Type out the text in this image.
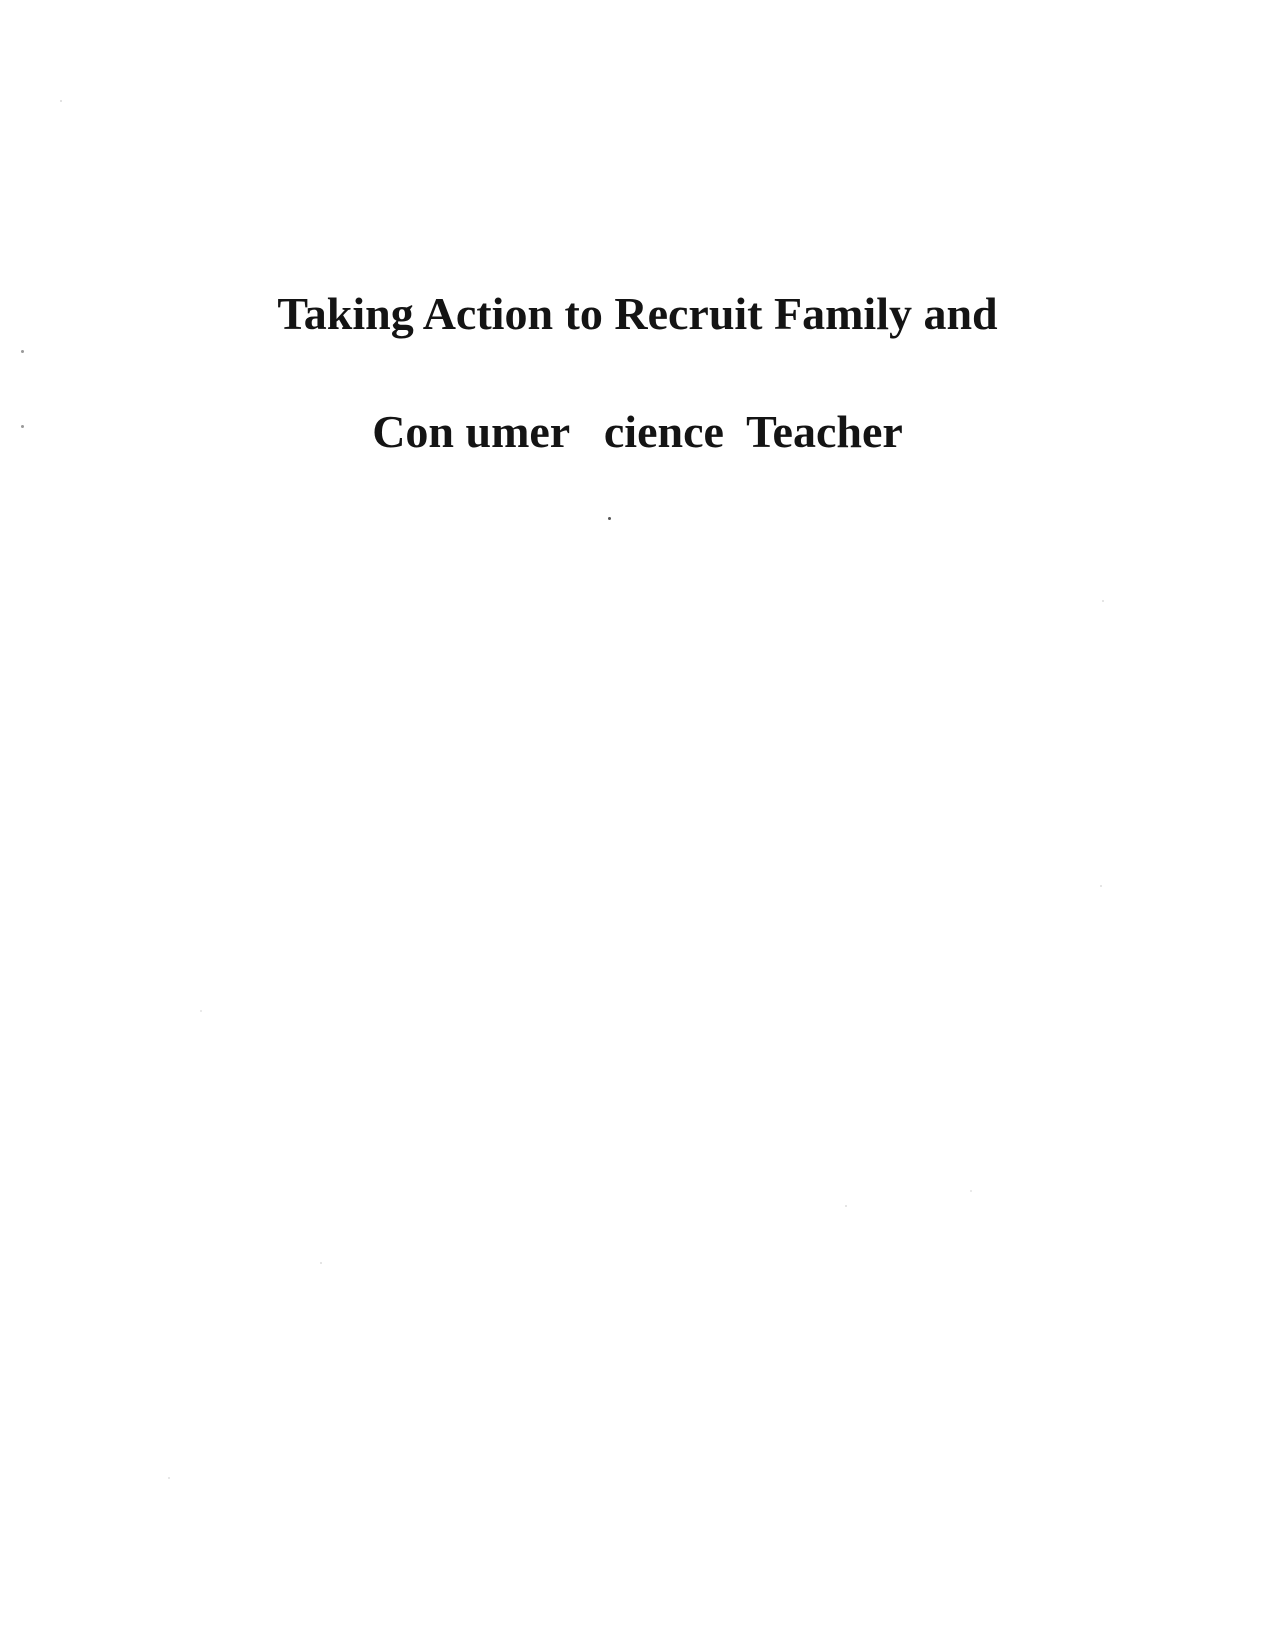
Taking Action to Recruit Family and
Con umer   cience  Teacher
